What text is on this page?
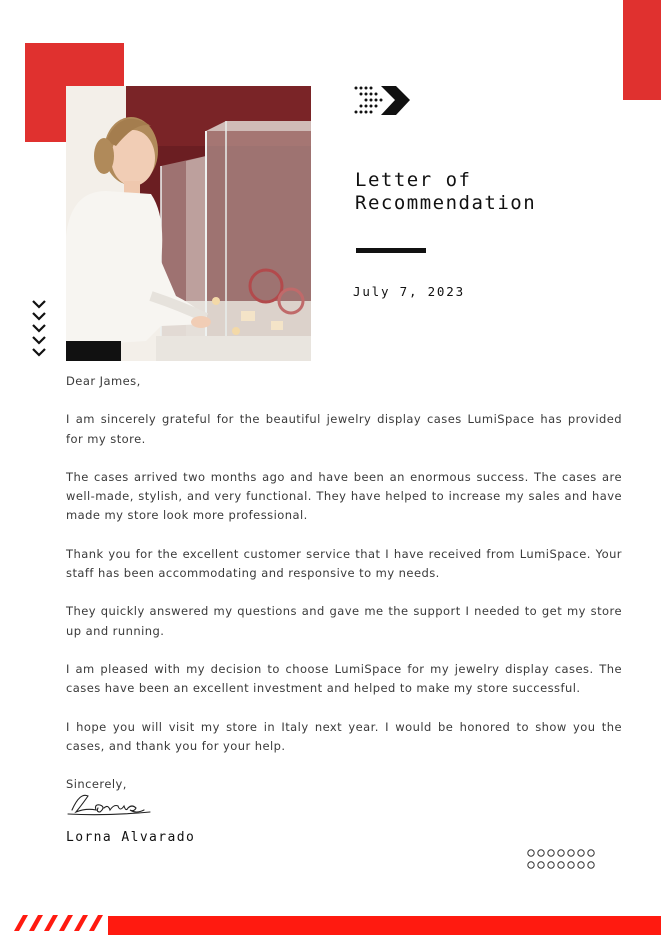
Letter of
Recommendation
July 7, 2023

Dear James,

I am sincerely grateful for the beautiful jewelry display cases LumiSpace has provided for my store.

The cases arrived two months ago and have been an enormous success. The cases are well-made, stylish, and very functional. They have helped to increase my sales and have made my store look more professional.

Thank you for the excellent customer service that I have received from LumiSpace. Your staff has been accommodating and responsive to my needs.

They quickly answered my questions and gave me the support I needed to get my store up and running.

I am pleased with my decision to choose LumiSpace for my jewelry display cases. The cases have been an excellent investment and helped to make my store successful.

I hope you will visit my store in Italy next year. I would be honored to show you the cases, and thank you for your help.

Sincerely,

Lorna Alvarado
